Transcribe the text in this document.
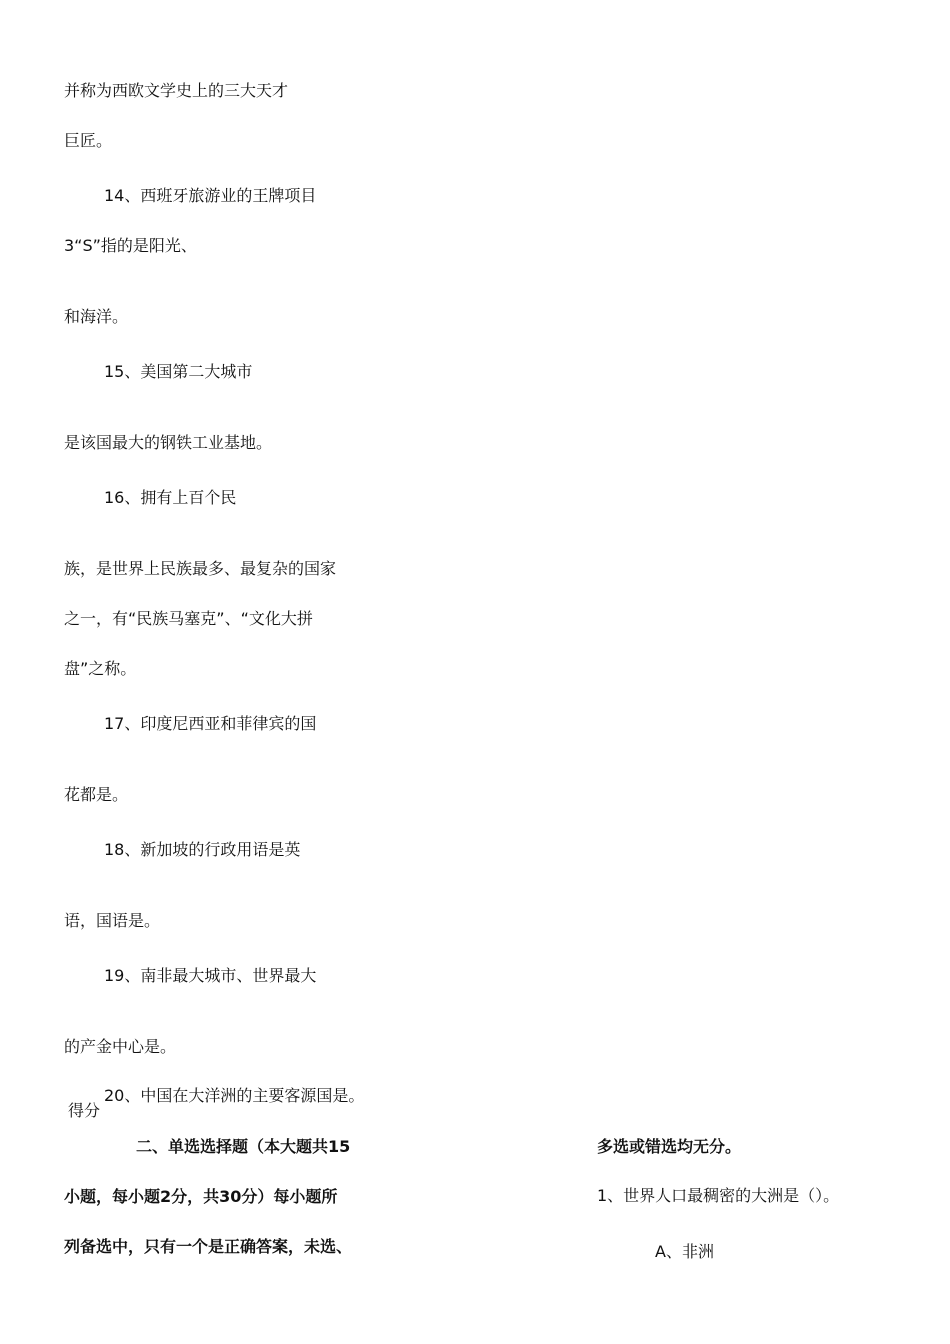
并称为西欧文学史上的三大天才
巨匠。
14、西班牙旅游业的王牌项目
3“S”指的是阳光、
和海洋。
15、美国第二大城市
是该国最大的钢铁工业基地。
16、拥有上百个民
族，是世界上民族最多、最复杂的国家
之一，有“民族马塞克”、“文化大拼
盘”之称。
17、印度尼西亚和菲律宾的国
花都是。
18、新加坡的行政用语是英
语，国语是。
19、南非最大城市、世界最大
的产金中心是。
20、中国在大洋洲的主要客源国是。
得分
二、单选选择题（本大题共15
小题，每小题2分，共30分）每小题所
列备选中，只有一个是正确答案，未选、
多选或错选均无分。
1、世界人口最稠密的大洲是（）。
A、非洲
